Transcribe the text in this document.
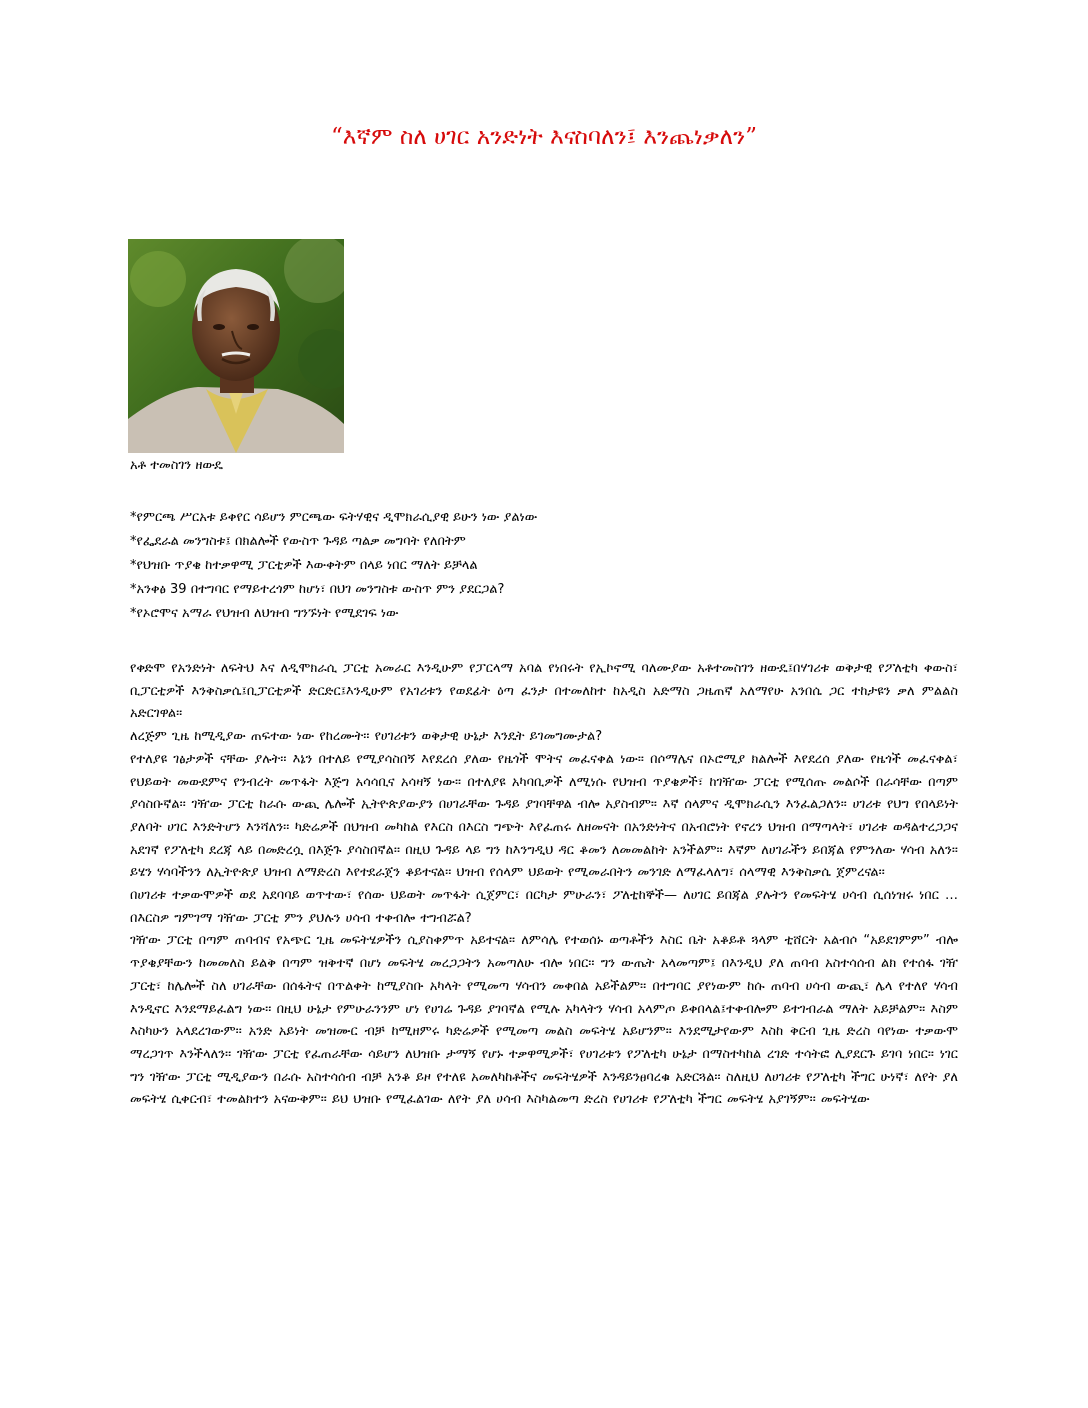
“እኛም ስለ ሀገር አንድነት እናስባለን፤ እንጨነቃለን”
አቶ ተመስገን ዘውዴ
*የምርጫ ሥርአቱ ይቀየር ሳይሆን ምርጫው ፍትሃዊና ዲሞክራሲያዊ ይሁን ነው ያልነው
*የፌደራል መንግስቱ፤ በክልሎች የውስጥ ጉዳይ ጣልቃ መግባት የለበትም
*የህዝቡ ጥያቄ ከተቃዋሚ ፓርቲዎች እውቀትም በላይ ነበር ማለት ይቻላል
*አንቀፅ 39 በተግባር የማይተረጎም ከሆነ፣ በህገ መንግስቱ ውስጥ ምን ያደርጋል?
*የኦሮሞና አማራ የህዝብ ለህዝብ ግንኙነት የሚደገፍ ነው

የቀድሞ የአንድነት ለፍትህ እና ለዲሞክራሲ ፓርቲ አመራር እንዲሁም የፓርላማ አባል የነበሩት የኢኮኖሚ ባለሙያው አቶተመስገን ዘውዴ፤በሃገሪቱ ወቅታዊ የፖለቲካ ቀውስ፣ ቢፓርቲዎች እንቅስቃሴ፤ቢፓርቲዎች ድርድር፤እንዲሁም የአገሪቱን የወደፊት ዕጣ ፈንታ በተመለከተ ከአዲስ አድማስ ጋዜጠኛ አለማየሁ አንበሴ ጋር ተከታዩን ቃለ ምልልስ አድርገዋል፡፡

ለረጅም ጊዜ ከሚዲያው ጠፍተው ነው የከረሙት፡፡ የሀገሪቱን ወቅታዊ ሁኔታ እንዴት ይገመግሙታል?

የተለያዩ ገፅታዎች ናቸው ያሉት፡፡ እኔን በተለይ የሚያሳስበኝ እየደረሰ ያለው የዜጎች ሞትና መፈናቀል ነው፡፡ በሶማሌና በኦሮሚያ ክልሎች እየደረሰ ያለው የዜጎች መፈናቀል፣ የህይወት መውደምና የንብረት መጥፋት እጅግ አሳሳቢና አሳዛኝ ነው፡፡ በተለያዩ አካባቢዎች ለሚነሱ የህዝብ ጥያቄዎች፣ ከገዥው ፓርቲ የሚሰጡ መልሶች በራሳቸው በጣም ያሳስቡኛል፡፡ ገዥው ፓርቲ ከራሱ ውጪ ሌሎች ኢትዮጵያውያን በሀገራቸው ጉዳይ ያገባቸዋል ብሎ አያስብም፡፡ እኛ ሰላምና ዲሞክራሲን እንፈልጋለን፡፡ ሀገሪቱ የህግ የበላይነት ያለባት ሀገር እንድትሆን እንሻለን፡፡ ካድሬዎች በህዝብ መካከል የእርስ በእርስ ግጭት እየፈጠሩ ለዘመናት በአንድነትና በአብሮነት የኖረን ህዝብ በማጣላት፣ ሀገሪቱ ወዳልተረጋጋና አደገኛ የፖለቲካ ደረጃ ላይ በመድረሷ በእጅጉ ያሳስበኛል፡፡ በዚህ ጉዳይ ላይ ግን ከእንግዲህ ዳር ቆመን ለመመልከት አንችልም፡፡ እኛም ለሀገራችን ይበጃል የምንለው ሃሳብ አለን፡፡ ይሄን ሃሳባችንን ለኢትዮጵያ ህዝብ ለማድረስ እየተደራጀን ቆይተናል፡፡ ህዝብ የሰላም ህይወት የሚመራበትን መንገድ ለማፈላለግ፣ ሰላማዊ እንቅስቃሴ ጀምረናል፡፡

በሀገሪቱ ተቃውሞዎች ወደ አደባባይ ወጥተው፣ የሰው ህይወት መጥፋት ሲጀምር፣ በርካታ ምሁራን፣ ፖለቲከኞች— ለሀገር ይበጃል ያሉትን የመፍትሄ ሀሳብ ሲሰነዝሩ ነበር … በእርስዎ ግምገማ ገዥው ፓርቲ ምን ያህሉን ሀሳብ ተቀብሎ ተግብሯል?

ገዥው ፓርቲ በጣም ጠባብና የአጭር ጊዜ መፍትሄዎችን ሲያስቀምጥ አይተናል፡፡ ለምሳሌ የተወሰኑ ወጣቶችን እስር ቤት አቆይቶ ጓላም ቲሸርት አልብሶ “አይደገምም” ብሎ ጥያቄያቸውን ከመመለስ ይልቅ በጣም ዝቅተኛ በሆነ መፍትሄ መረጋጋትን አመጣለሁ ብሎ ነበር፡፡ ግን ውጤት አላመጣም፤ በእንዲህ ያለ ጠባብ አስተሳሰብ ልክ የተሰፋ ገዥ ፓርቲ፣ ከሌሎች ስለ ሀገራቸው በሰፋትና በጥልቀት ከሚያስቡ አካላት የሚመጣ ሃሳብን መቀበል አይችልም፡፡ በተግባር ያየነውም ከሱ ጠባብ ሀሳብ ውጪ፣ ሌላ የተለየ ሃሳብ እንዲኖር እንደማይፈልግ ነው፡፡ በዚህ ሁኔታ የምሁራንንም ሆነ የሀገሬ ጉዳይ ያገባኛል የሚሉ አካላትን ሃሳብ አላምጦ ይቀበላል፤ተቀብሎም ይተገብራል ማለት አይቻልም፡፡ እስም እስካሁን አላደረገውም፡፡ አንድ አይነት መዝሙር ብቻ ከሚዘምሩ ካድሬዎች የሚመጣ መልስ መፍትሄ አይሆንም፡፡ እንደሚታየውም እስከ ቅርብ ጊዜ ድረስ ባየነው ተቃውሞ ማረጋገጥ እንችላለን፡፡ ገዥው ፓርቲ የፈጠራቸው ሳይሆን ለህዝቡ ታማኝ የሆኑ ተቃዋሚዎች፣ የሀገሪቱን የፖለቲካ ሁኔታ በማስተካከል ረገድ ተሳትፎ ሊያደርጉ ይገባ ነበር፡፡ ነገር ግን ገዥው ፓርቲ ሚዲያውን በራሱ አስተሳሰብ ብቻ አንቆ ይዞ የተለዩ አመለካከቶችና መፍትሄዎች እንዳይንፀባረቁ አድርጓል፡፡ ስለዚህ ለሀገሪቱ የፖለቲካ ችግር ሁነኛ፣ ለየት ያለ መፍትሄ ሲቀርብ፣ ተመልክተን አናውቅም፡፡ ይህ ህዝቡ የሚፈልገው ለየት ያለ ሀሳብ እስካልመጣ ድረስ የሀገሪቱ የፖለቲካ ችግር መፍትሄ አያገኝም፡፡ መፍትሄው
